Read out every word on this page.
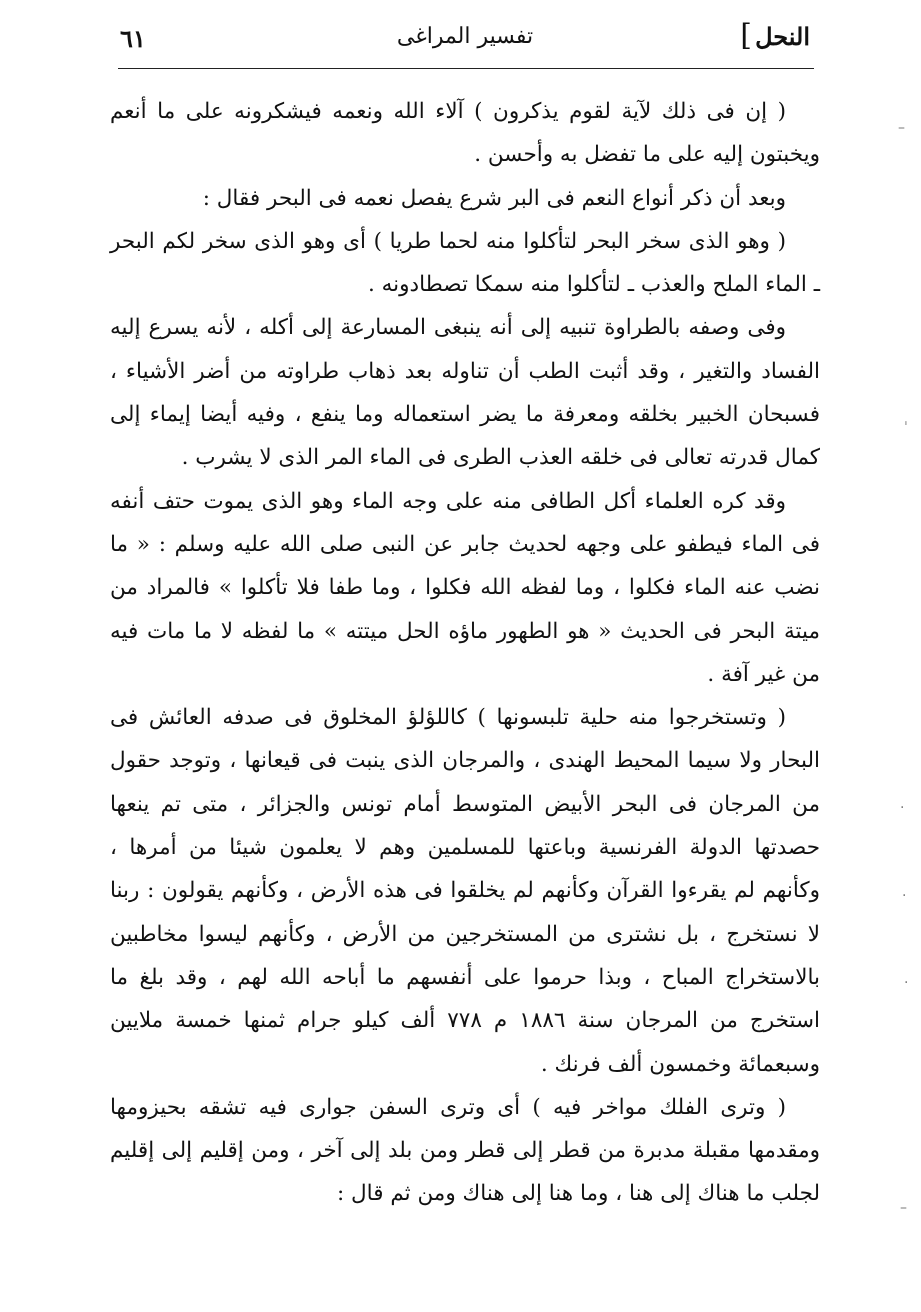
النحل
]
تفسير المراغى
٦١

( إن فى ذلك لآية لقوم يذكرون ) آلاء الله ونعمه فيشكرونه على ما أنعم ويخبتون إليه على ما تفضل به وأحسن .

وبعد أن ذكر أنواع النعم فى البر شرع يفصل نعمه فى البحر فقال :

( وهو الذى سخر البحر لتأكلوا منه لحما طريا ) أى وهو الذى سخر لكم البحر ـ الماء الملح والعذب ـ لتأكلوا منه سمكا تصطادونه .

وفى وصفه بالطراوة تنبيه إلى أنه ينبغى المسارعة إلى أكله ، لأنه يسرع إليه الفساد والتغير ، وقد أثبت الطب أن تناوله بعد ذهاب طراوته من أضر الأشياء ، فسبحان الخبير بخلقه ومعرفة ما يضر استعماله وما ينفع ، وفيه أيضا إيماء إلى كمال قدرته تعالى فى خلقه العذب الطرى فى الماء المر الذى لا يشرب .

وقد كره العلماء أكل الطافى منه على وجه الماء وهو الذى يموت حتف أنفه فى الماء فيطفو على وجهه لحديث جابر عن النبى صلى الله عليه وسلم : « ما نضب عنه الماء فكلوا ، وما لفظه الله فكلوا ، وما طفا فلا تأكلوا » فالمراد من ميتة البحر فى الحديث « هو الطهور ماؤه الحل ميتته » ما لفظه لا ما مات فيه من غير آفة .

( وتستخرجوا منه حلية تلبسونها ) كاللؤلؤ المخلوق فى صدفه العائش فى البحار ولا سيما المحيط الهندى ، والمرجان الذى ينبت فى قيعانها ، وتوجد حقول من المرجان فى البحر الأبيض المتوسط أمام تونس والجزائر ، متى تم ينعها حصدتها الدولة الفرنسية وباعتها للمسلمين وهم لا يعلمون شيئا من أمرها ، وكأنهم لم يقرءوا القرآن وكأنهم لم يخلقوا فى هذه الأرض ، وكأنهم يقولون : ربنا لا نستخرج ، بل نشترى من المستخرجين من الأرض ، وكأنهم ليسوا مخاطبين بالاستخراج المباح ، وبذا حرموا على أنفسهم ما أباحه الله لهم ، وقد بلغ ما استخرج من المرجان سنة ١٨٨٦ م ٧٧٨ ألف كيلو جرام ثمنها خمسة ملايين وسبعمائة وخمسون ألف فرنك .

( وترى الفلك مواخر فيه ) أى وترى السفن جوارى فيه تشقه بحيزومها ومقدمها مقبلة مدبرة من قطر إلى قطر ومن بلد إلى آخر ، ومن إقليم إلى إقليم لجلب ما هناك إلى هنا ، وما هنا إلى هناك ومن ثم قال :

–
ˈ
·
·
·
–
